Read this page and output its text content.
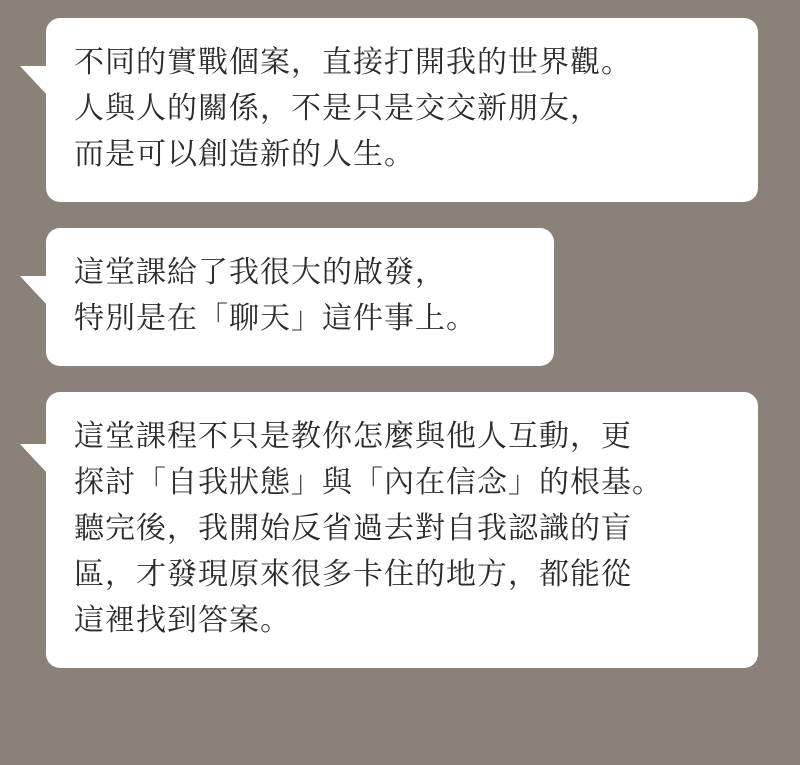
不同的實戰個案，直接打開我的世界觀。
人與人的關係，不是只是交交新朋友，
而是可以創造新的人生。
這堂課給了我很大的啟發，
特別是在「聊天」這件事上。
這堂課程不只是教你怎麼與他人互動，更
探討「自我狀態」與「內在信念」的根基。
聽完後，我開始反省過去對自我認識的盲
區，才發現原來很多卡住的地方，都能從
這裡找到答案。
